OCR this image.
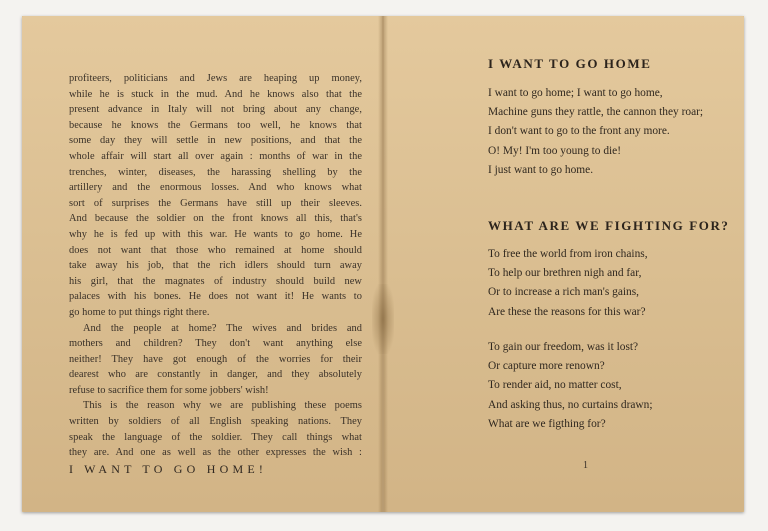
profiteers, politicians and Jews are heaping up money,
while he is stuck in the mud. And he knows also that the
present advance in Italy will not bring about any change,
because he knows the Germans too well, he knows that
some day they will settle in new positions, and that the
whole affair will start all over again : months of war in the
trenches, winter, diseases, the harassing shelling by the
artillery and the enormous losses. And who knows what
sort of surprises the Germans have still up their sleeves.
And because the soldier on the front knows all this, that's
why he is fed up with this war. He wants to go home. He
does not want that those who remained at home should
take away his job, that the rich idlers should turn away
his girl, that the magnates of industry should build new
palaces with his bones. He does not want it! He wants to
go home to put things right there.
And the people at home? The wives and brides and
mothers and children? They don't want anything else
neither! They have got enough of the worries for their
dearest who are constantly in danger, and they absolutely
refuse to sacrifice them for some jobbers' wish!
This is the reason why we are publishing these poems
written by soldiers of all English speaking nations. They
speak the language of the soldier. They call things what
they are. And one as well as the other expresses the wish :
I WANT TO GO HOME!
I WANT TO GO HOME
I want to go home; I want to go home,
Machine guns they rattle, the cannon they roar;
I don't want to go to the front any more.
O! My! I'm too young to die!
I just want to go home.
WHAT ARE WE FIGHTING FOR?
To free the world from iron chains,
To help our brethren nigh and far,
Or to increase a rich man's gains,
Are these the reasons for this war?
To gain our freedom, was it lost?
Or capture more renown?
To render aid, no matter cost,
And asking thus, no curtains drawn;
What are we figthing for?
1
